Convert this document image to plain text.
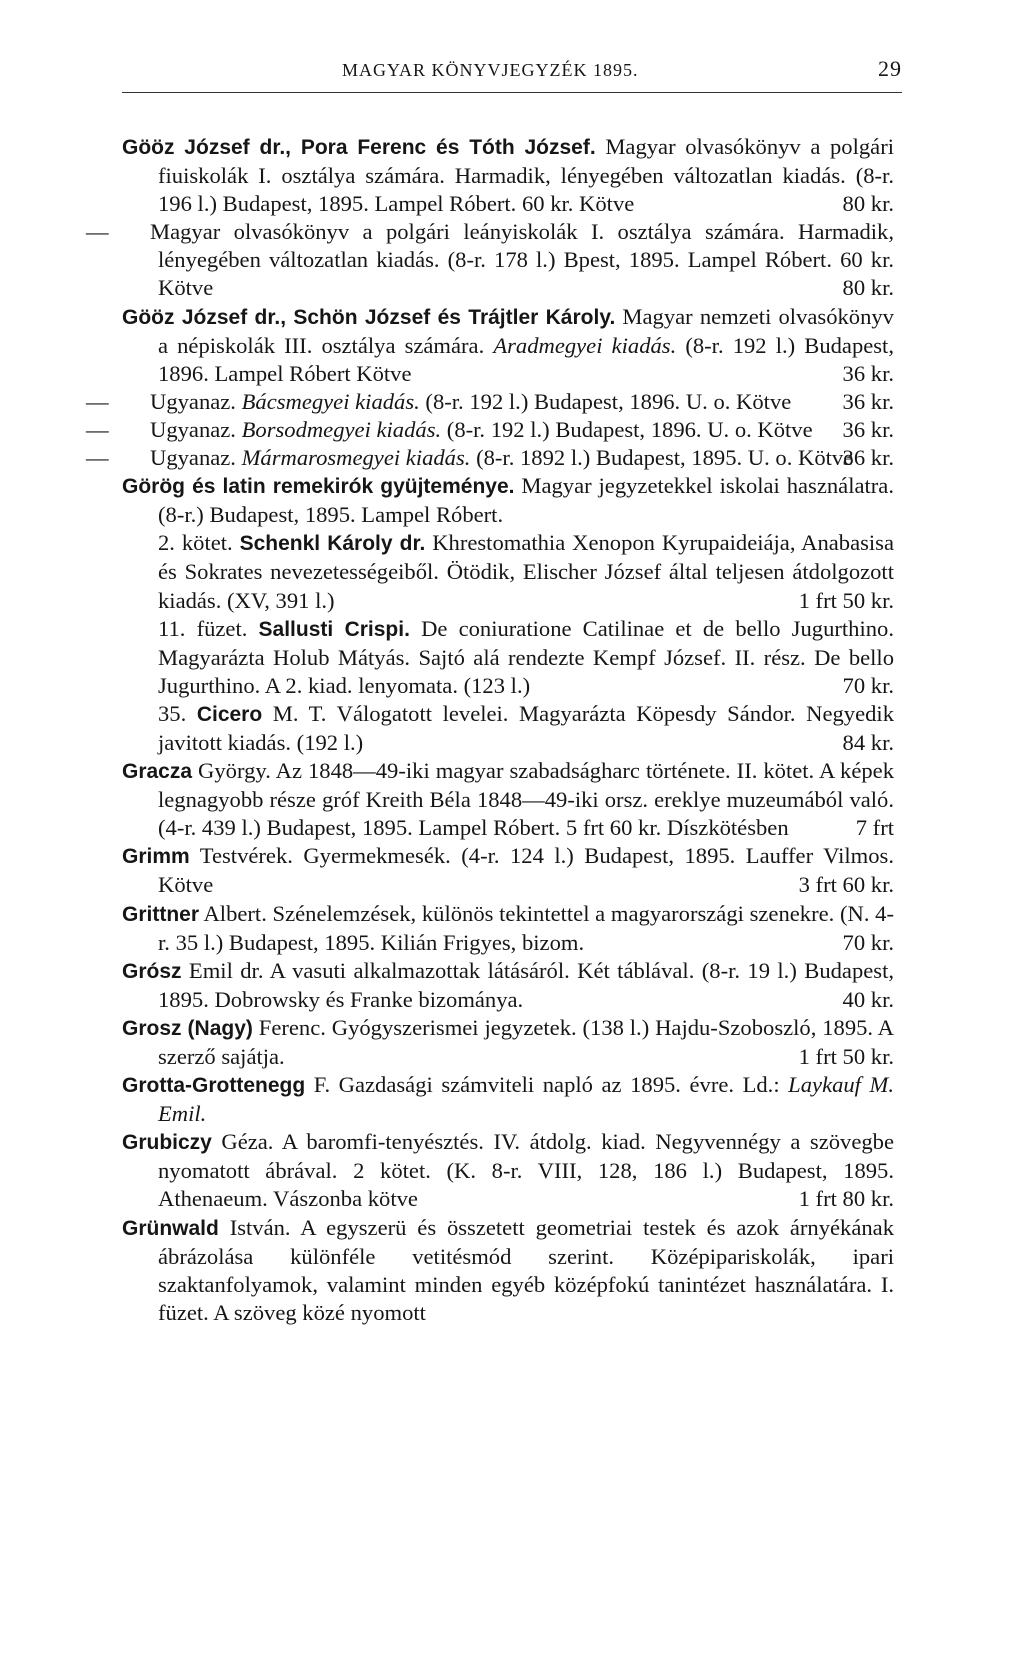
MAGYAR KÖNYVJEGYZÉK 1895.	29

Gööz József dr., Pora Ferenc és Tóth József. Magyar olvasókönyv a polgári fiuiskolák I. osztálya számára. Harmadik, lényegében változatlan kiadás. (8-r. 196 l.) Budapest, 1895. Lampel Róbert. 60 kr. Kötve	80 kr.

— Magyar olvasókönyv a polgári leányiskolák I. osztálya számára. Harmadik, lényegében változatlan kiadás. (8-r. 178 l.) Bpest, 1895. Lampel Róbert. 60 kr. Kötve	80 kr.

Gööz József dr., Schön József és Trájtler Károly. Magyar nemzeti olvasókönyv a népiskolák III. osztálya számára. Aradmegyei kiadás. (8-r. 192 l.) Budapest, 1896. Lampel Róbert Kötve	36 kr.

— Ugyanaz. Bácsmegyei kiadás. (8-r. 192 l.) Budapest, 1896. U. o. Kötve 36 kr.

— Ugyanaz. Borsodmegyei kiadás. (8-r. 192 l.) Budapest, 1896. U. o. Kötve 36 kr.

— Ugyanaz. Mármarosmegyei kiadás. (8-r. 1892 l.) Budapest, 1895. U. o. Kötve
36 kr.

Görög és latin remekirók gyüjteménye. Magyar jegyzetekkel iskolai használatra. (8-r.) Budapest, 1895. Lampel Róbert.

2. kötet. Schenkl Károly dr. Khrestomathia Xenopon Kyrupaideiája, Anabasisa és Sokrates nevezetességeiből. Ötödik, Elischer József által teljesen átdolgozott kiadás. (XV, 391 l.)	1 frt 50 kr.

11. füzet. Sallusti Crispi. De coniuratione Catilinae et de bello Jugurthino. Magyarázta Holub Mátyás. Sajtó alá rendezte Kempf József. II. rész. De bello Jugurthino. A 2. kiad. lenyomata. (123 l.)	70 kr.

35. Cicero M. T. Válogatott levelei. Magyarázta Köpesdy Sándor. Negyedik javitott kiadás. (192 l.)	84 kr.

Gracza György. Az 1848—49-iki magyar szabadságharc története. II. kötet. A képek legnagyobb része gróf Kreith Béla 1848—49-iki orsz. ereklye muzeumából való. (4-r. 439 l.) Budapest, 1895. Lampel Róbert. 5 frt 60 kr. Díszkötésben	7 frt

Grimm Testvérek. Gyermekmesék. (4-r. 124 l.) Budapest, 1895. Lauffer Vilmos. Kötve	3 frt 60 kr.

Grittner Albert. Szénelemzések, különös tekintettel a magyarországi szenekre. (N. 4-r. 35 l.) Budapest, 1895. Kilián Frigyes, bizom.	70 kr.

Grósz Emil dr. A vasuti alkalmazottak látásáról. Két táblával. (8-r. 19 l.) Budapest, 1895. Dobrowsky és Franke bizománya.	40 kr.

Grosz (Nagy) Ferenc. Gyógyszerismei jegyzetek. (138 l.) Hajdu-Szoboszló, 1895. A szerző sajátja.	1 frt 50 kr.

Grotta-Grottenegg F. Gazdasági számviteli napló az 1895. évre. Ld.: Laykauf M. Emil.

Grubiczy Géza. A baromfi-tenyésztés. IV. átdolg. kiad. Negyvennégy a szövegbe nyomatott ábrával. 2 kötet. (K. 8-r. VIII, 128, 186 l.) Budapest, 1895. Athenaeum. Vászonba kötve	1 frt 80 kr.

Grünwald István. A egyszerü és összetett geometriai testek és azok árnyékának ábrázolása különféle vetitésmód szerint. Középipariskolák, ipari szaktanfolyamok, valamint minden egyéb középfokú tanintézet használatára. I. füzet. A szöveg közé nyomott
